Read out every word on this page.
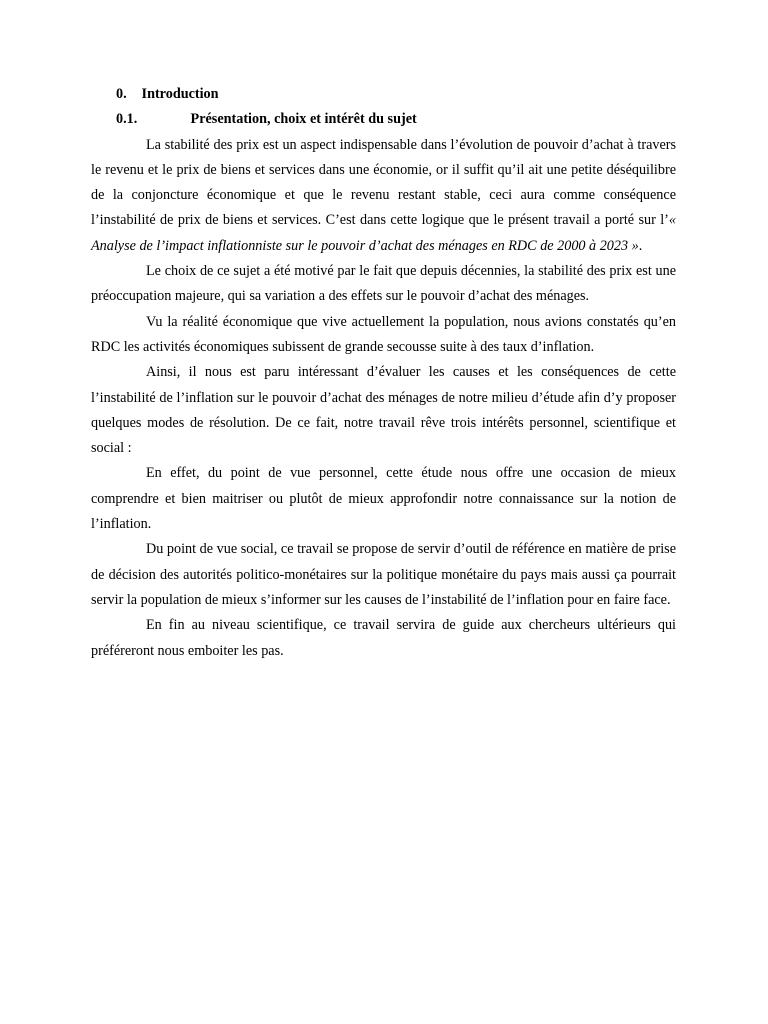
0. Introduction
0.1.	Présentation, choix et intérêt du sujet

La stabilité des prix est un aspect indispensable dans l’évolution de pouvoir d’achat à travers le revenu et le prix de biens et services dans une économie, or il suffit qu’il ait une petite déséquilibre de la conjoncture économique et que le revenu restant stable, ceci aura comme conséquence l’instabilité de prix de biens et services. C’est dans cette logique que le présent travail a porté sur l’« Analyse de l’impact inflationniste sur le pouvoir d’achat des ménages en RDC de 2000 à 2023 ».

Le choix de ce sujet a été motivé par le fait que depuis décennies, la stabilité des prix est une préoccupation majeure, qui sa variation a des effets sur le pouvoir d’achat des ménages.

Vu la réalité économique que vive actuellement la population, nous avions constatés qu’en RDC les activités économiques subissent de grande secousse suite à des taux d’inflation.

Ainsi, il nous est paru intéressant d’évaluer les causes et les conséquences de cette l’instabilité de l’inflation sur le pouvoir d’achat des ménages de notre milieu d’étude afin d’y proposer quelques modes de résolution. De ce fait, notre travail rêve trois intérêts personnel, scientifique et social :

En effet, du point de vue personnel, cette étude nous offre une occasion de mieux comprendre et bien maitriser ou plutôt de mieux approfondir notre connaissance sur la notion de l’inflation.

Du point de vue social, ce travail se propose de servir d’outil de référence en matière de prise de décision des autorités politico-monétaires sur la politique monétaire du pays mais aussi ça pourrait servir la population de mieux s’informer sur les causes de l’instabilité de l’inflation pour en faire face.

En fin au niveau scientifique, ce travail servira de guide aux chercheurs ultérieurs qui préféreront nous emboiter les pas.
